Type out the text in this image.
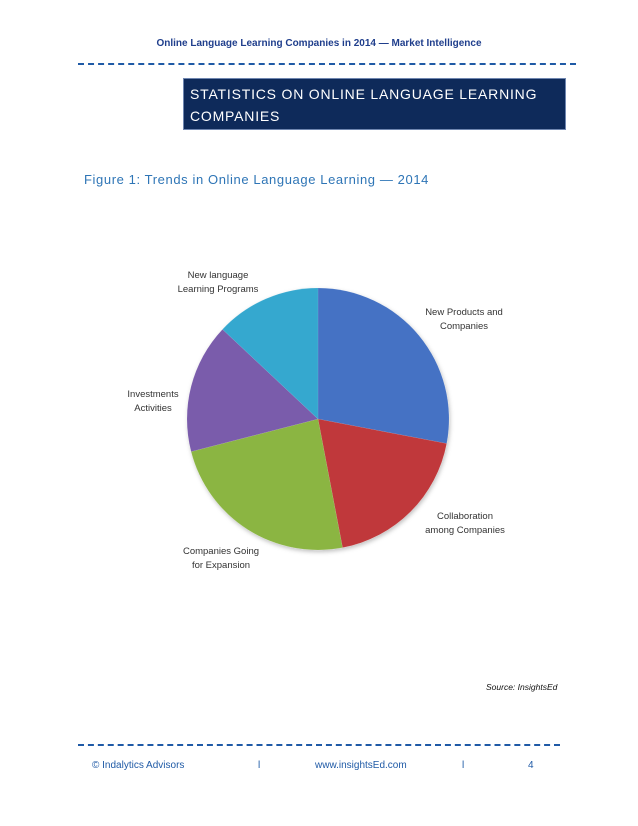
Online Language Learning Companies in 2014 — Market Intelligence
STATISTICS ON ONLINE LANGUAGE LEARNING
COMPANIES
Figure 1: Trends in Online Language Learning — 2014
New Products and
Companies
Collaboration
among Companies
Companies Going
for Expansion
Investments
Activities
New language
Learning Programs
Source: InsightsEd
© Indalytics Advisors	l	www.insightsEd.com	l	4
